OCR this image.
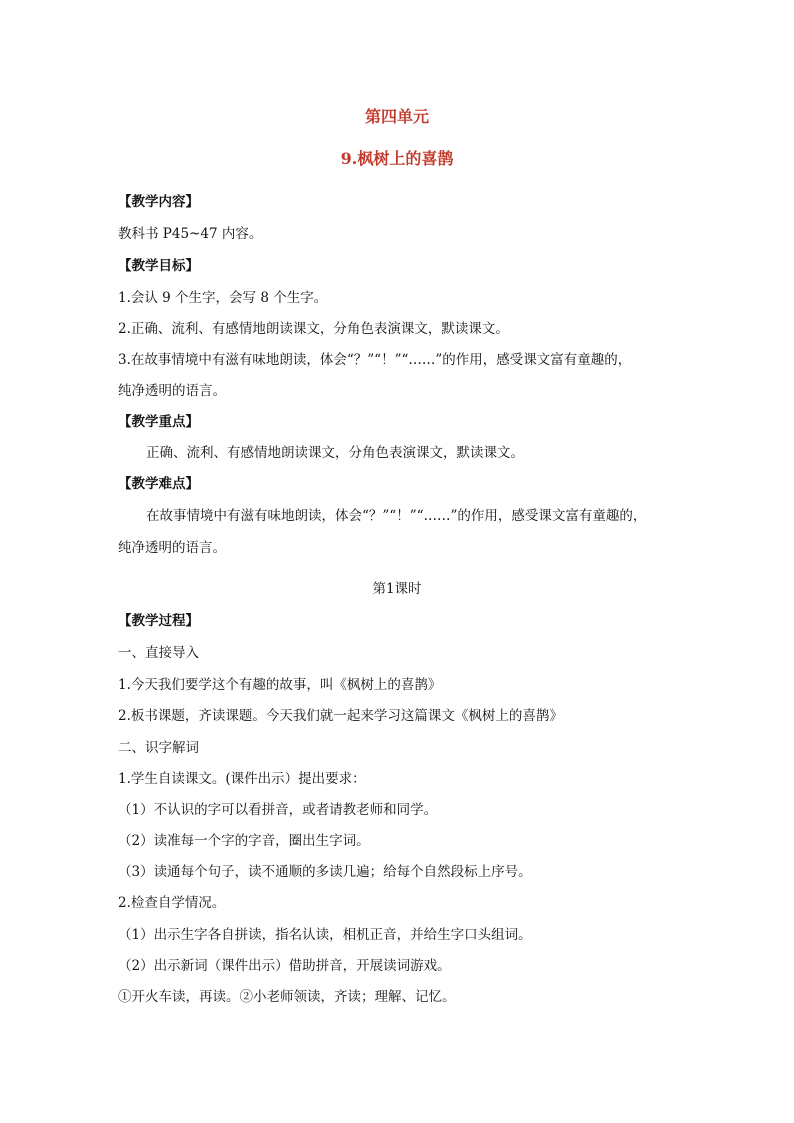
第四单元
9.枫树上的喜鹊
【教学内容】
教科书 P45~47 内容。
【教学目标】
1.会认 9 个生字，会写 8 个生字。
2.正确、流利、有感情地朗读课文，分角色表演课文，默读课文。
3.在故事情境中有滋有味地朗读，体会“？”“！”“……”的作用，感受课文富有童趣的，
纯净透明的语言。
【教学重点】
正确、流利、有感情地朗读课文，分角色表演课文，默读课文。
【教学难点】
在故事情境中有滋有味地朗读，体会“？”“！”“……”的作用，感受课文富有童趣的，
纯净透明的语言。
第1课时
【教学过程】
一、直接导入
1.今天我们要学这个有趣的故事，叫《枫树上的喜鹊》
2.板书课题，齐读课题。今天我们就一起来学习这篇课文《枫树上的喜鹊》
二、识字解词
1.学生自读课文。(课件出示）提出要求：
（1）不认识的字可以看拼音，或者请教老师和同学。
（2）读准每一个字的字音，圈出生字词。
（3）读通每个句子，读不通顺的多读几遍；给每个自然段标上序号。
2.检查自学情况。
（1）出示生字各自拼读，指名认读，相机正音，并给生字口头组词。
（2）出示新词（课件出示）借助拼音，开展读词游戏。
①开火车读，再读。②小老师领读，齐读；理解、记忆。
